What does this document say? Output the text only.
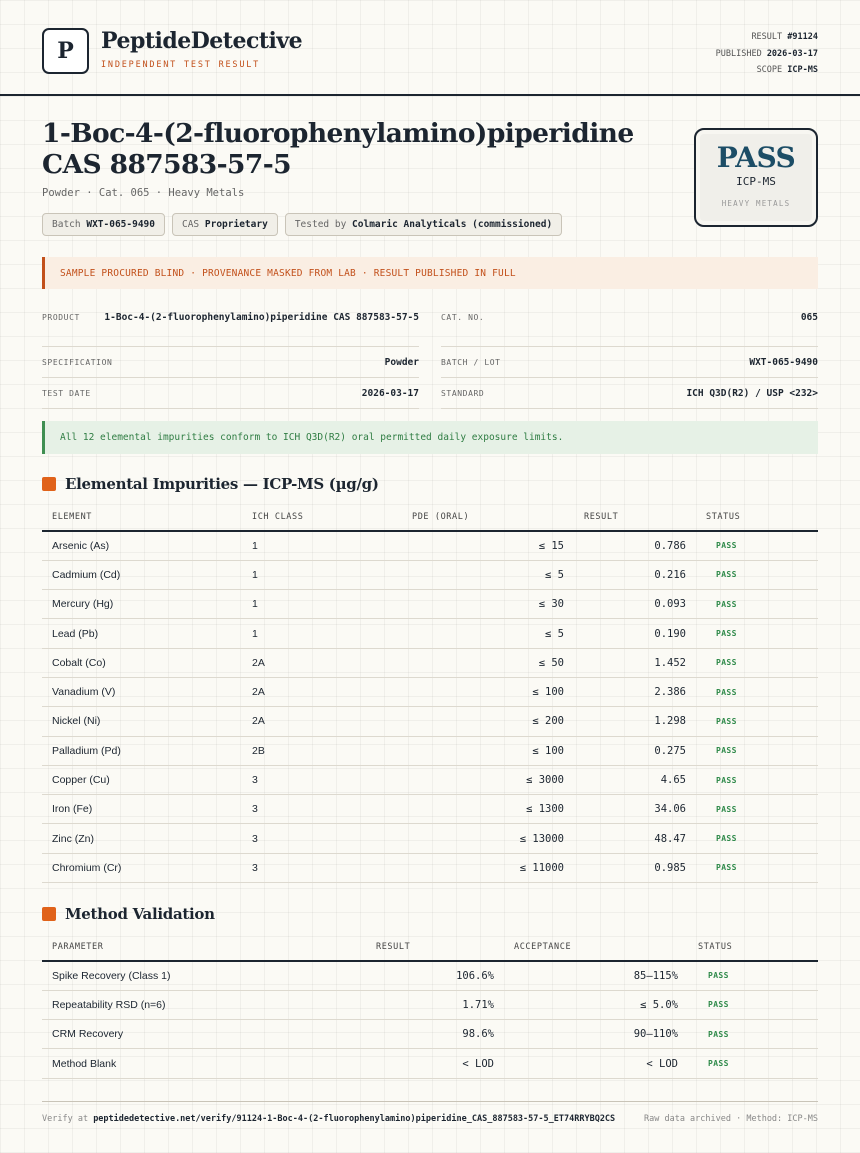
P	PeptideDetective
INDEPENDENT TEST RESULT
RESULT #91124
PUBLISHED 2026-03-17
SCOPE ICP-MS
1-Boc-4-(2-fluorophenylamino)piperidine CAS 887583-57-5
Powder · Cat. 065 · Heavy Metals
Batch WXT-065-9490	CAS Proprietary	Tested by Colmaric Analyticals (commissioned)
PASS
ICP-MS
HEAVY METALS
SAMPLE PROCURED BLIND · PROVENANCE MASKED FROM LAB · RESULT PUBLISHED IN FULL
PRODUCT	1-Boc-4-(2-fluorophenylamino)piperidine CAS 887583-57-5	CAT. NO.	065
SPECIFICATION	Powder	BATCH / LOT	WXT-065-9490
TEST DATE	2026-03-17	STANDARD	ICH Q3D(R2) / USP <232>
All 12 elemental impurities conform to ICH Q3D(R2) oral permitted daily exposure limits.
Elemental Impurities — ICP-MS (µg/g)
ELEMENT	ICH CLASS	PDE (ORAL)	RESULT	STATUS
Arsenic (As)	1	≤ 15	0.786	PASS
Cadmium (Cd)	1	≤ 5	0.216	PASS
Mercury (Hg)	1	≤ 30	0.093	PASS
Lead (Pb)	1	≤ 5	0.190	PASS
Cobalt (Co)	2A	≤ 50	1.452	PASS
Vanadium (V)	2A	≤ 100	2.386	PASS
Nickel (Ni)	2A	≤ 200	1.298	PASS
Palladium (Pd)	2B	≤ 100	0.275	PASS
Copper (Cu)	3	≤ 3000	4.65	PASS
Iron (Fe)	3	≤ 1300	34.06	PASS
Zinc (Zn)	3	≤ 13000	48.47	PASS
Chromium (Cr)	3	≤ 11000	0.985	PASS
Method Validation
PARAMETER	RESULT	ACCEPTANCE	STATUS
Spike Recovery (Class 1)	106.6%	85–115%	PASS
Repeatability RSD (n=6)	1.71%	≤ 5.0%	PASS
CRM Recovery	98.6%	90–110%	PASS
Method Blank	< LOD	< LOD	PASS
Verify at peptidedetective.net/verify/91124-1-Boc-4-(2-fluorophenylamino)piperidine_CAS_887583-57-5_ET74RRYBQ2CS	Raw data archived · Method: ICP-MS
